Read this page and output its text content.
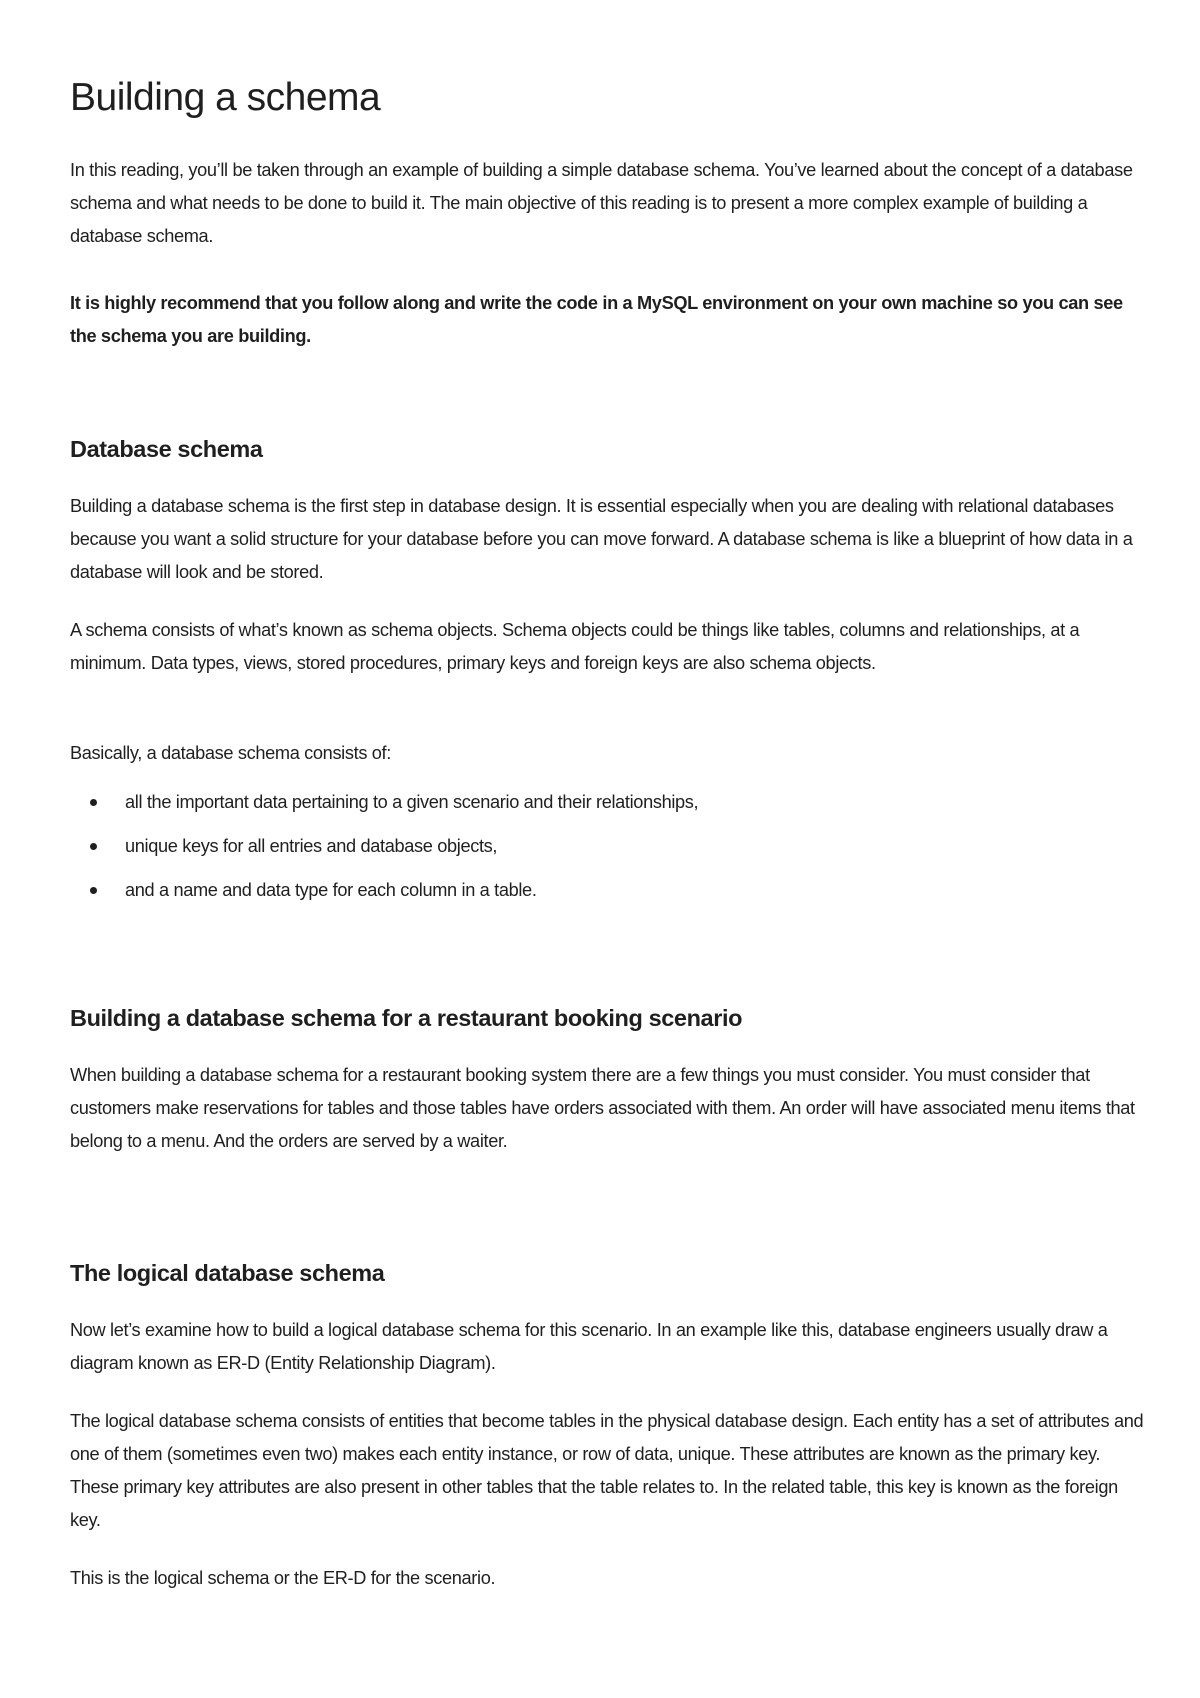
Building a schema

In this reading, you’ll be taken through an example of building a simple database schema. You’ve learned about the concept of a database schema and what needs to be done to build it. The main objective of this reading is to present a more complex example of building a database schema.

It is highly recommend that you follow along and write the code in a MySQL environment on your own machine so you can see the schema you are building.

Database schema

Building a database schema is the first step in database design. It is essential especially when you are dealing with relational databases because you want a solid structure for your database before you can move forward. A database schema is like a blueprint of how data in a database will look and be stored.

A schema consists of what’s known as schema objects. Schema objects could be things like tables, columns and relationships, at a minimum. Data types, views, stored procedures, primary keys and foreign keys are also schema objects.

Basically, a database schema consists of:

all the important data pertaining to a given scenario and their relationships,
unique keys for all entries and database objects,
and a name and data type for each column in a table.
Building a database schema for a restaurant booking scenario

When building a database schema for a restaurant booking system there are a few things you must consider. You must consider that customers make reservations for tables and those tables have orders associated with them. An order will have associated menu items that belong to a menu. And the orders are served by a waiter.

The logical database schema

Now let’s examine how to build a logical database schema for this scenario. In an example like this, database engineers usually draw a diagram known as ER-D (Entity Relationship Diagram).

The logical database schema consists of entities that become tables in the physical database design. Each entity has a set of attributes and one of them (sometimes even two) makes each entity instance, or row of data, unique. These attributes are known as the primary key. These primary key attributes are also present in other tables that the table relates to. In the related table, this key is known as the foreign key.

This is the logical schema or the ER-D for the scenario.
